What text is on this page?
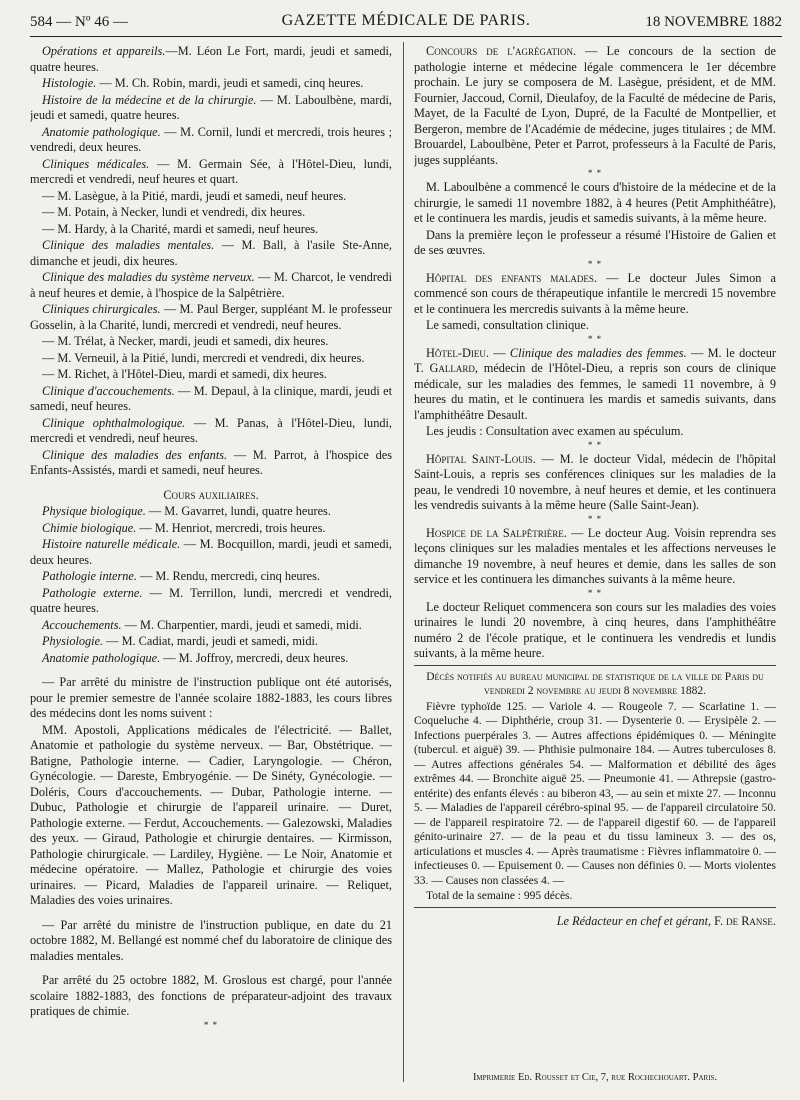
584 — Nº 46 —	GAZETTE MÉDICALE DE PARIS.	18 NOVEMBRE 1882

Opérations et appareils.—M. Léon Le Fort, mardi, jeudi et samedi, quatre heures.

Histologie. — M. Ch. Robin, mardi, jeudi et samedi, cinq heures.

Histoire de la médecine et de la chirurgie. — M. Laboulbène, mardi, jeudi et samedi, quatre heures.

Anatomie pathologique. — M. Cornil, lundi et mercredi, trois heures ; vendredi, deux heures.

Cliniques médicales. — M. Germain Sée, à l'Hôtel-Dieu, lundi, mercredi et vendredi, neuf heures et quart.

— M. Lasègue, à la Pitié, mardi, jeudi et samedi, neuf heures.

— M. Potain, à Necker, lundi et vendredi, dix heures.

— M. Hardy, à la Charité, mardi et samedi, neuf heures.

Clinique des maladies mentales. — M. Ball, à l'asile Ste-Anne, dimanche et jeudi, dix heures.

Clinique des maladies du système nerveux. — M. Charcot, le vendredi à neuf heures et demie, à l'hospice de la Salpêtrière.

Cliniques chirurgicales. — M. Paul Berger, suppléant M. le professeur Gosselin, à la Charité, lundi, mercredi et vendredi, neuf heures.

— M. Trélat, à Necker, mardi, jeudi et samedi, dix heures.

— M. Verneuil, à la Pitié, lundi, mercredi et vendredi, dix heures.

— M. Richet, à l'Hôtel-Dieu, mardi et samedi, dix heures.

Clinique d'accouchements. — M. Depaul, à la clinique, mardi, jeudi et samedi, neuf heures.

Clinique ophthalmologique. — M. Panas, à l'Hôtel-Dieu, lundi, mercredi et vendredi, neuf heures.

Clinique des maladies des enfants. — M. Parrot, à l'hospice des Enfants-Assistés, mardi et samedi, neuf heures.

Cours auxiliaires.

Physique biologique. — M. Gavarret, lundi, quatre heures.

Chimie biologique. — M. Henriot, mercredi, trois heures.

Histoire naturelle médicale. — M. Bocquillon, mardi, jeudi et samedi, deux heures.

Pathologie interne. — M. Rendu, mercredi, cinq heures.

Pathologie externe. — M. Terrillon, lundi, mercredi et vendredi, quatre heures.

Accouchements. — M. Charpentier, mardi, jeudi et samedi, midi.

Physiologie. — M. Cadiat, mardi, jeudi et samedi, midi.

Anatomie pathologique. — M. Joffroy, mercredi, deux heures.

— Par arrêté du ministre de l'instruction publique ont été autorisés, pour le premier semestre de l'année scolaire 1882-1883, les cours libres des médecins dont les noms suivent :

MM. Apostoli, Applications médicales de l'électricité. — Ballet, Anatomie et pathologie du système nerveux. — Bar, Obstétrique. — Batigne, Pathologie interne. — Cadier, Laryngologie. — Chéron, Gynécologie. — Dareste, Embryogénie. — De Sinéty, Gynécologie. — Doléris, Cours d'accouchements. — Dubar, Pathologie interne. — Dubuc, Pathologie et chirurgie de l'appareil urinaire. — Duret, Pathologie externe. — Ferdut, Accouchements. — Galezowski, Maladies des yeux. — Giraud, Pathologie et chirurgie dentaires. — Kirmisson, Pathologie chirurgicale. — Lardiley, Hygiène. — Le Noir, Anatomie et médecine opératoire. — Mallez, Pathologie et chirurgie des voies urinaires. — Picard, Maladies de l'appareil urinaire. — Reliquet, Maladies des voies urinaires.

— Par arrêté du ministre de l'instruction publique, en date du 21 octobre 1882, M. Bellangé est nommé chef du laboratoire de clinique des maladies mentales.

Par arrêté du 25 octobre 1882, M. Groslous est chargé, pour l'année scolaire 1882-1883, des fonctions de préparateur-adjoint des travaux pratiques de chimie.

* *

Concours de l'agrégation. — Le concours de la section de pathologie interne et médecine légale commencera le 1er décembre prochain. Le jury se composera de M. Lasègue, président, et de MM. Fournier, Jaccoud, Cornil, Dieulafoy, de la Faculté de médecine de Paris, Mayet, de la Faculté de Lyon, Dupré, de la Faculté de Montpellier, et Bergeron, membre de l'Académie de médecine, juges titulaires ; de MM. Brouardel, Laboulbène, Peter et Parrot, professeurs à la Faculté de Paris, juges suppléants.

* *

M. Laboulbène a commencé le cours d'histoire de la médecine et de la chirurgie, le samedi 11 novembre 1882, à 4 heures (Petit Amphithéâtre), et le continuera les mardis, jeudis et samedis suivants, à la même heure.

Dans la première leçon le professeur a résumé l'Histoire de Galien et de ses œuvres.

* *

Hôpital des enfants malades. — Le docteur Jules Simon a commencé son cours de thérapeutique infantile le mercredi 15 novembre et le continuera les mercredis suivants à la même heure.

Le samedi, consultation clinique.

* *

Hôtel-Dieu. — Clinique des maladies des femmes. — M. le docteur T. Gallard, médecin de l'Hôtel-Dieu, a repris son cours de clinique médicale, sur les maladies des femmes, le samedi 11 novembre, à 9 heures du matin, et le continuera les mardis et samedis suivants, dans l'amphithéâtre Desault.

Les jeudis : Consultation avec examen au spéculum.

* *

Hôpital Saint-Louis. — M. le docteur Vidal, médecin de l'hôpital Saint-Louis, a repris ses conférences cliniques sur les maladies de la peau, le vendredi 10 novembre, à neuf heures et demie, et les continuera les vendredis suivants à la même heure (Salle Saint-Jean).

* *

Hospice de la Salpêtrière. — Le docteur Aug. Voisin reprendra ses leçons cliniques sur les maladies mentales et les affections nerveuses le dimanche 19 novembre, à neuf heures et demie, dans les salles de son service et les continuera les dimanches suivants à la même heure.

* *

Le docteur Reliquet commencera son cours sur les maladies des voies urinaires le lundi 20 novembre, à cinq heures, dans l'amphithéâtre numéro 2 de l'école pratique, et le continuera les vendredis et lundis suivants, à la même heure.

Décès notifiés au bureau municipal de statistique de la ville de Paris du vendredi 2 novembre au jeudi 8 novembre 1882.

Fièvre typhoïde 125. — Variole 4. — Rougeole 7. — Scarlatine 1. — Coqueluche 4. — Diphthérie, croup 31. — Dysenterie 0. — Erysipèle 2. — Infections puerpérales 3. — Autres affections épidémiques 0. — Méningite (tubercul. et aiguë) 39. — Phthisie pulmonaire 184. — Autres tuberculoses 8. — Autres affections générales 54. — Malformation et débilité des âges extrêmes 44. — Bronchite aiguë 25. — Pneumonie 41. — Athrepsie (gastro-entérite) des enfants élevés : au biberon 43, — au sein et mixte 27. — Inconnu 5. — Maladies de l'appareil cérébro-spinal 95. — de l'appareil circulatoire 50. — de l'appareil respiratoire 72. — de l'appareil digestif 60. — de l'appareil génito-urinaire 27. — de la peau et du tissu lamineux 3. — des os, articulations et muscles 4. — Après traumatisme : Fièvres inflammatoire 0. — infectieuses 0. — Epuisement 0. — Causes non définies 0. — Morts violentes 33. — Causes non classées 4. —

Total de la semaine : 995 décès.

Le Rédacteur en chef et gérant, F. de Ranse.

Imprimerie Ed. Rousset et Cie, 7, rue Rochechouart. Paris.
